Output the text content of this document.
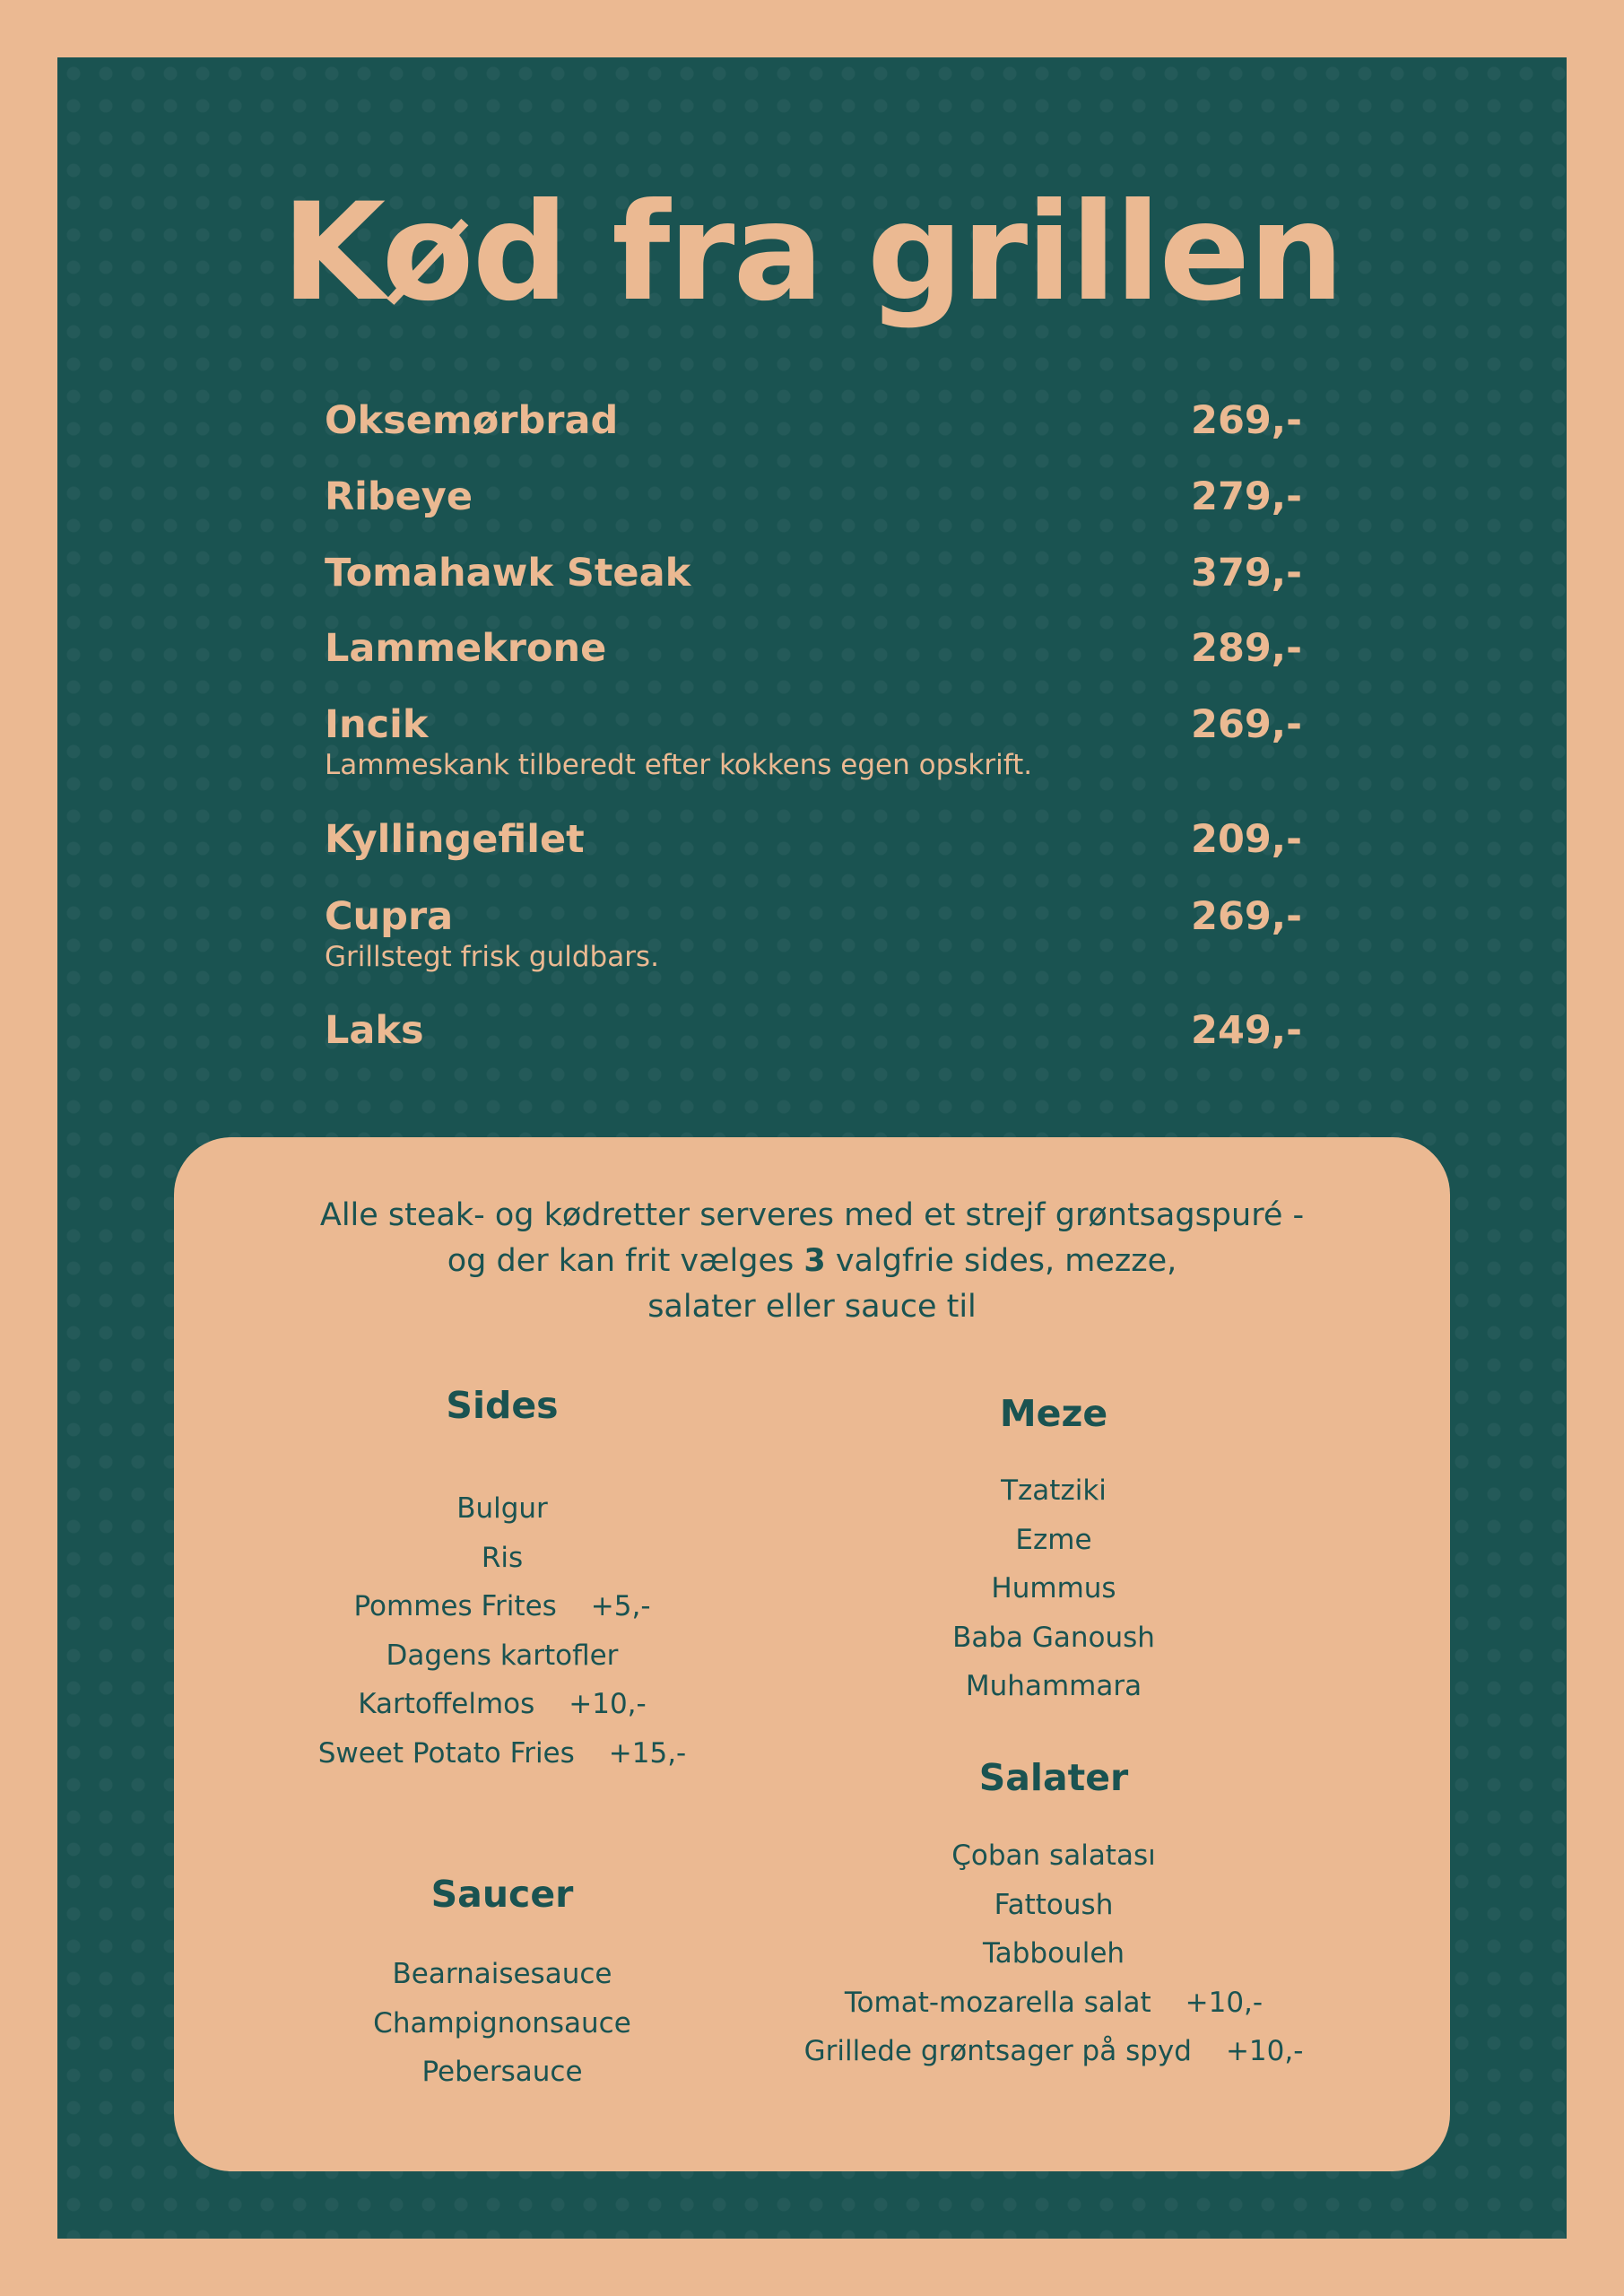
Kød fra grillen
Oksemørbrad	269,-
Ribeye	279,-
Tomahawk Steak	379,-
Lammekrone	289,-
Incik	269,-
Lammeskank tilberedt efter kokkens egen opskrift.
Kyllingefilet	209,-
Cupra	269,-
Grillstegt frisk guldbars.
Laks	249,-
Alle steak- og kødretter serveres med et strejf grøntsagspuré -
og der kan frit vælges 3 valgfrie sides, mezze,
salater eller sauce til
Sides
Bulgur
Ris
Pommes Frites +5,-
Dagens kartofler
Kartoffelmos +10,-
Sweet Potato Fries +15,-
Saucer
Bearnaisesauce
Champignonsauce
Pebersauce
Meze
Tzatziki
Ezme
Hummus
Baba Ganoush
Muhammara
Salater
Çoban salatası
Fattoush
Tabbouleh
Tomat-mozarella salat +10,-
Grillede grøntsager på spyd +10,-
